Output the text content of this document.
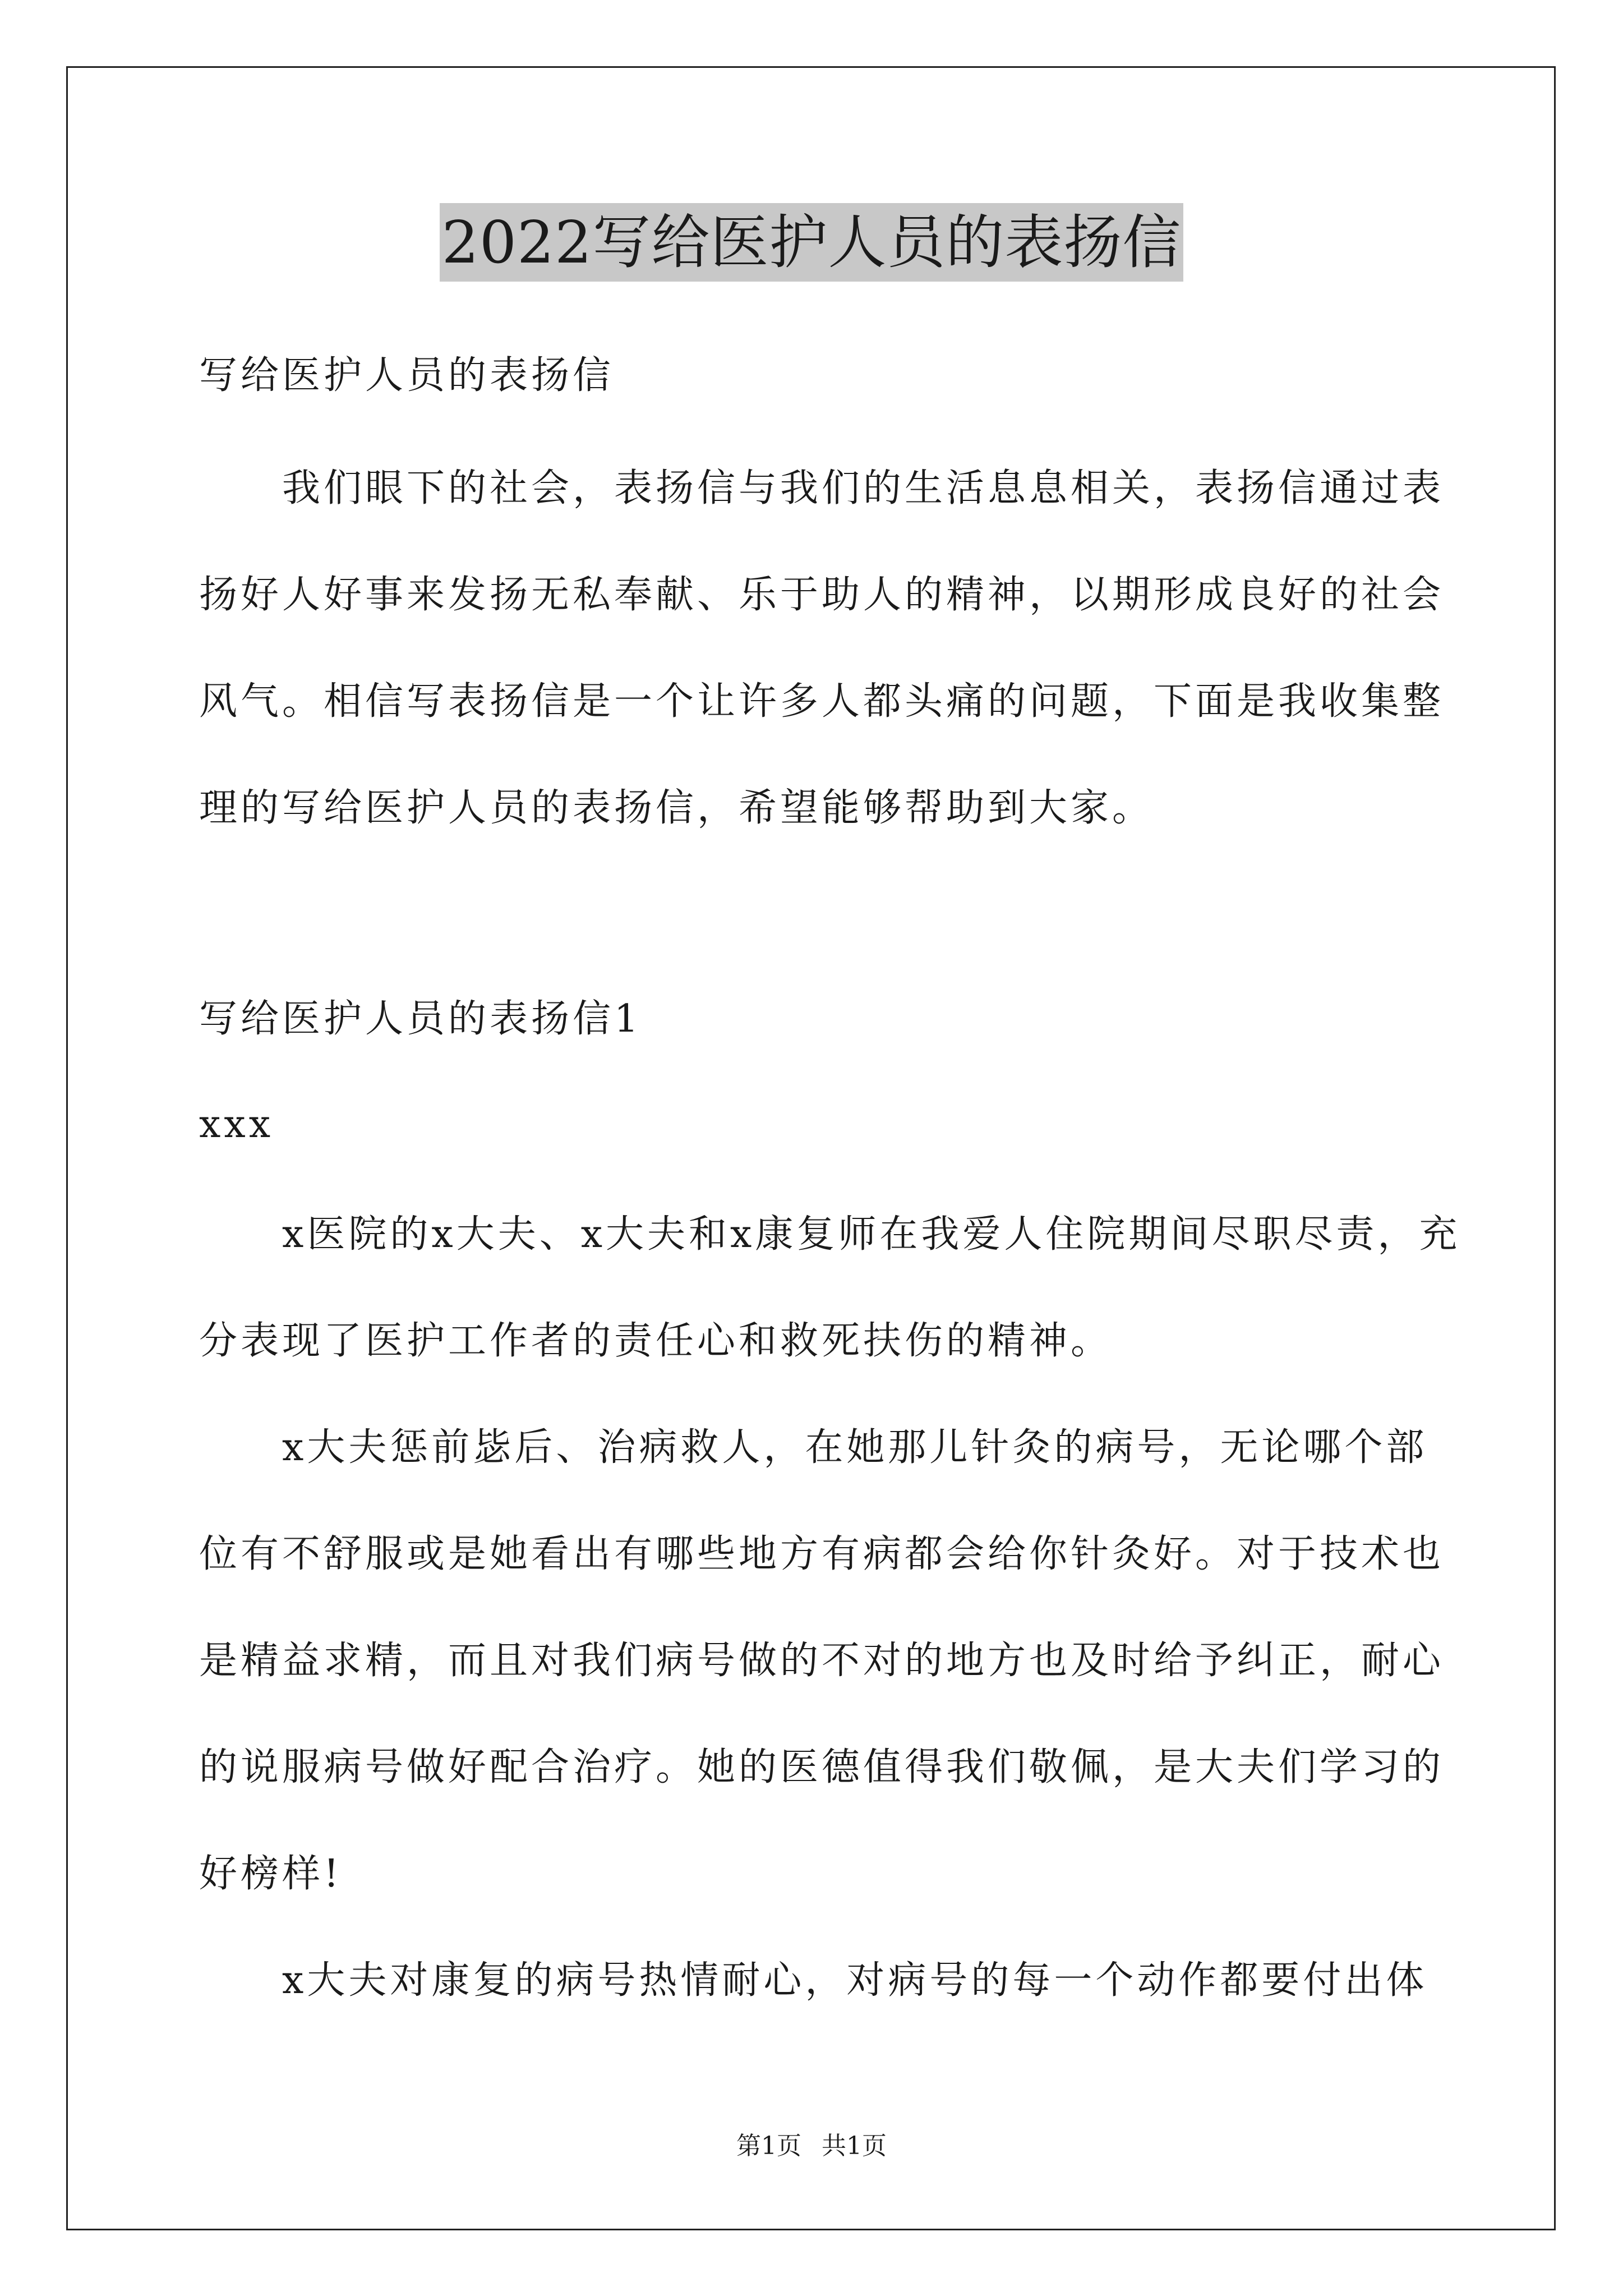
2022写给医护人员的表扬信
写给医护人员的表扬信

我们眼下的社会，表扬信与我们的生活息息相关，表扬信通过表扬好人好事来发扬无私奉献、乐于助人的精神，以期形成良好的社会风气。相信写表扬信是一个让许多人都头痛的问题，下面是我收集整理的写给医护人员的表扬信，希望能够帮助到大家。

写给医护人员的表扬信1
xxx

x医院的x大夫、x大夫和x康复师在我爱人住院期间尽职尽责，充分表现了医护工作者的责任心和救死扶伤的精神。

x大夫惩前毖后、治病救人，在她那儿针灸的病号，无论哪个部位有不舒服或是她看出有哪些地方有病都会给你针灸好。对于技术也是精益求精，而且对我们病号做的不对的地方也及时给予纠正，耐心的说服病号做好配合治疗。她的医德值得我们敬佩，是大夫们学习的好榜样!

x大夫对康复的病号热情耐心，对病号的每一个动作都要付出体

第1页 共1页
